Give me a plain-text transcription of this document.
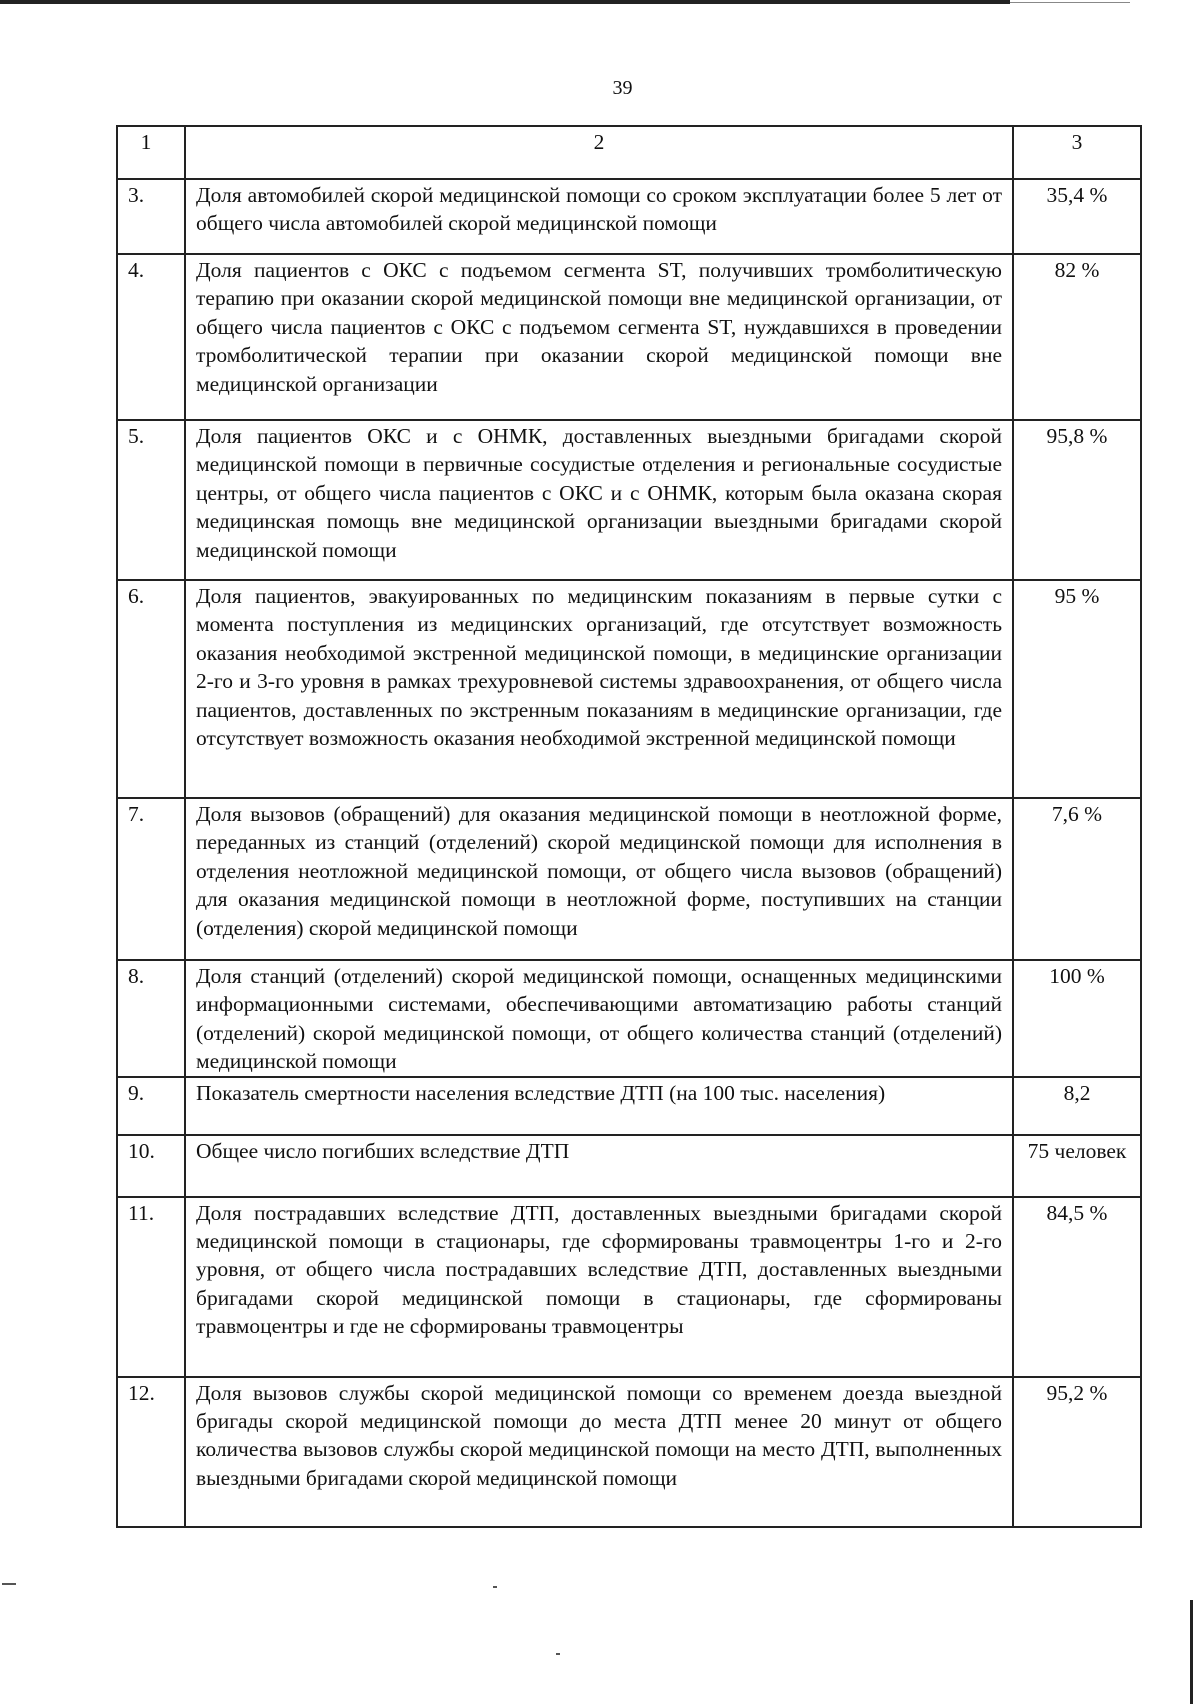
39
1	2	3
3.	Доля автомобилей скорой медицинской помощи со сроком эксплуатации более 5 лет от общего числа автомобилей скорой медицинской помощи	35,4 %
4.	Доля пациентов с ОКС с подъемом сегмента ST, получивших тромболитическую терапию при оказании скорой медицинской помощи вне медицинской организации, от общего числа пациентов с ОКС с подъемом сегмента ST, нуждавшихся в проведении тромболитической терапии при оказании скорой медицинской помощи вне медицинской организации	82 %
5.	Доля пациентов ОКС и с ОНМК, доставленных выездными бригадами скорой медицинской помощи в первичные сосудистые отделения и региональные сосудистые центры, от общего числа пациентов с ОКС и с ОНМК, которым была оказана скорая медицинская помощь вне медицинской организации выездными бригадами скорой медицинской помощи	95,8 %
6.	Доля пациентов, эвакуированных по медицинским показаниям в первые сутки с момента поступления из медицинских организаций, где отсутствует возможность оказания необходимой экстренной медицинской помощи, в медицинские организации 2-го и 3-го уровня в рамках трехуровневой системы здравоохранения, от общего числа пациентов, доставленных по экстренным показаниям в медицинские организации, где отсутствует возможность оказания необходимой экстренной медицинской помощи	95 %
7.	Доля вызовов (обращений) для оказания медицинской помощи в неотложной форме, переданных из станций (отделений) скорой медицинской помощи для исполнения в отделения неотложной медицинской помощи, от общего числа вызовов (обращений) для оказания медицинской помощи в неотложной форме, поступивших на станции (отделения) скорой медицинской помощи	7,6 %
8.	Доля станций (отделений) скорой медицинской помощи, оснащенных медицинскими информационными системами, обеспечивающими автоматизацию работы станций (отделений) скорой медицинской помощи, от общего количества станций (отделений) медицинской помощи	100 %
9.	Показатель смертности населения вследствие ДТП (на 100 тыс. населения)	8,2
10.	Общее число погибших вследствие ДТП	75 человек
11.	Доля пострадавших вследствие ДТП, доставленных выездными бригадами скорой медицинской помощи в стационары, где сформированы травмоцентры 1-го и 2-го уровня, от общего числа пострадавших вследствие ДТП, доставленных выездными бригадами скорой медицинской помощи в стационары, где сформированы травмоцентры и где не сформированы травмоцентры	84,5 %
12.	Доля вызовов службы скорой медицинской помощи со временем доезда выездной бригады скорой медицинской помощи до места ДТП менее 20 минут от общего количества вызовов службы скорой медицинской помощи на место ДТП, выполненных выездными бригадами скорой медицинской помощи	95,2 %
